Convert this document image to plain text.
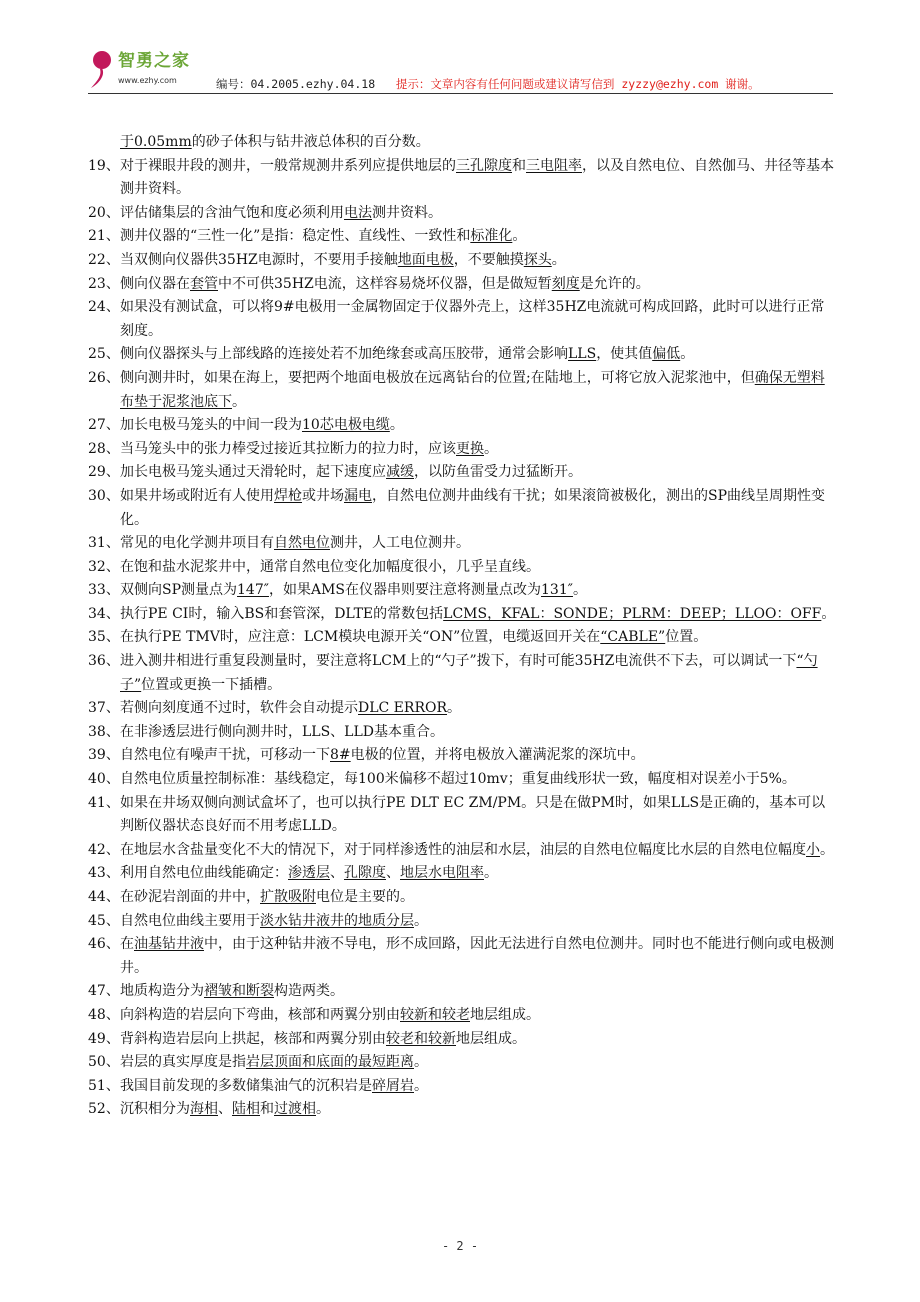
智勇之家
www.ezhy.com	编号：04.2005.ezhy.04.18 提示：文章内容有任何问题或建议请写信到 zyzzy@ezhy.com 谢谢。
于0.05mm的砂子体积与钻井液总体积的百分数。
19、 对于裸眼井段的测井，一般常规测井系列应提供地层的三孔隙度和三电阻率，以及自然电位、自然伽马、井径等基本测井资料。
20、 评估储集层的含油气饱和度必须利用电法测井资料。
21、 测井仪器的“三性一化”是指：稳定性、直线性、一致性和标准化。
22、 当双侧向仪器供35HZ电源时，不要用手接触地面电极，不要触摸探头。
23、 侧向仪器在套管中不可供35HZ电流，这样容易烧坏仪器，但是做短暂刻度是允许的。
24、 如果没有测试盒，可以将9#电极用一金属物固定于仪器外壳上，这样35HZ电流就可构成回路，此时可以进行正常刻度。
25、 侧向仪器探头与上部线路的连接处若不加绝缘套或高压胶带，通常会影响LLS，使其值偏低。
26、 侧向测井时，如果在海上，要把两个地面电极放在远离钻台的位置;在陆地上，可将它放入泥浆池中，但确保无塑料布垫于泥浆池底下。
27、 加长电极马笼头的中间一段为10芯电极电缆。
28、 当马笼头中的张力棒受过接近其拉断力的拉力时，应该更换。
29、 加长电极马笼头通过天滑轮时，起下速度应减缓，以防鱼雷受力过猛断开。
30、 如果井场或附近有人使用焊枪或井场漏电，自然电位测井曲线有干扰；如果滚筒被极化，测出的SP曲线呈周期性变化。
31、 常见的电化学测井项目有自然电位测井，人工电位测井。
32、 在饱和盐水泥浆井中，通常自然电位变化加幅度很小，几乎呈直线。
33、 双侧向SP测量点为147″，如果AMS在仪器串则要注意将测量点改为131″。
34、 执行PE CI时，输入BS和套管深，DLTE的常数包括LCMS，KFAL：SONDE；PLRM：DEEP；LLOO：OFF。
35、 在执行PE TMV时，应注意：LCM模块电源开关“ON”位置，电缆返回开关在“CABLE”位置。
36、 进入测井相进行重复段测量时，要注意将LCM上的“勺子”拨下，有时可能35HZ电流供不下去，可以调试一下“勺子”位置或更换一下插槽。
37、 若侧向刻度通不过时，软件会自动提示DLC ERROR。
38、 在非渗透层进行侧向测井时，LLS、LLD基本重合。
39、 自然电位有噪声干扰，可移动一下8#电极的位置，并将电极放入灌满泥浆的深坑中。
40、 自然电位质量控制标准：基线稳定，每100米偏移不超过10mv；重复曲线形状一致，幅度相对误差小于5%。
41、 如果在井场双侧向测试盒坏了，也可以执行PE DLT EC ZM/PM。只是在做PM时，如果LLS是正确的，基本可以判断仪器状态良好而不用考虑LLD。
42、 在地层水含盐量变化不大的情况下，对于同样渗透性的油层和水层，油层的自然电位幅度比水层的自然电位幅度小。
43、 利用自然电位曲线能确定：渗透层、孔隙度、地层水电阻率。
44、 在砂泥岩剖面的井中，扩散吸附电位是主要的。
45、 自然电位曲线主要用于淡水钻井液井的地质分层。
46、 在油基钻井液中，由于这种钻井液不导电，形不成回路，因此无法进行自然电位测井。同时也不能进行侧向或电极测井。
47、 地质构造分为褶皱和断裂构造两类。
48、 向斜构造的岩层向下弯曲，核部和两翼分别由较新和较老地层组成。
49、 背斜构造岩层向上拱起，核部和两翼分别由较老和较新地层组成。
50、 岩层的真实厚度是指岩层顶面和底面的最短距离。
51、 我国目前发现的多数储集油气的沉积岩是碎屑岩。
52、 沉积相分为海相、陆相和过渡相。
- 2 -
